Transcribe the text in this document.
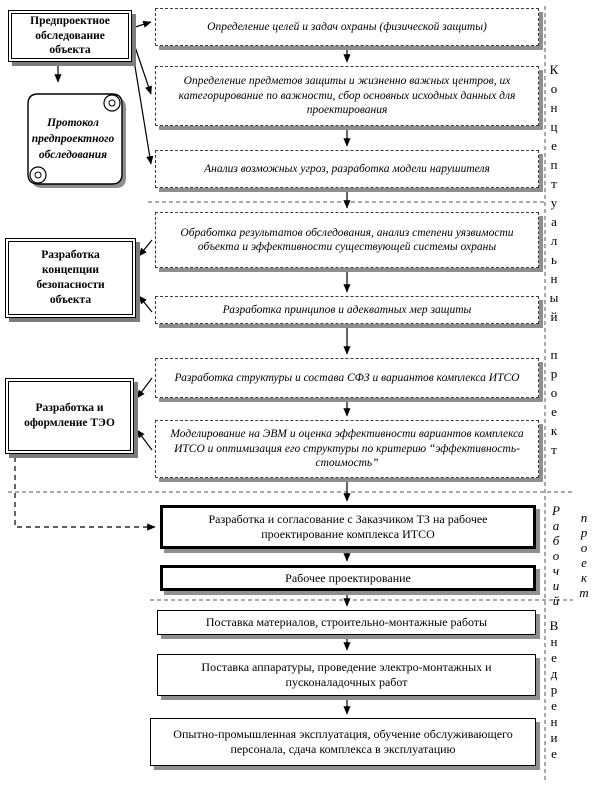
Предпроектное обследование объекта
Протокол предпроектного обследования
Разработка концепции безопасности объекта
Разработка и оформление ТЭО
Определение целей и задач охраны (физической защиты)
Определение предметов защиты и жизненно важных центров, их категорирование по важности, сбор основных исходных данных для проектирования
Анализ возможных угроз, разработка модели нарушителя
Обработка результатов обследования, анализ степени уязвимости объекта и эффективности существующей системы охраны
Разработка принципов и адекватных мер защиты
Разработка структуры и состава СФЗ и вариантов комплекса ИТСО
Моделирование на ЭВМ и оценка эффективности вариантов комплекса ИТСО и оптимизация его структуры по критерию “эффективность-стоимость”
Разработка и согласование с Заказчиком ТЗ на рабочее проектирование комплекса ИТСО
Рабочее проектирование
Поставка материалов, строительно-монтажные работы
Поставка аппаратуры, проведение электро-монтажных и пусконаладочных работ
Опытно-промышленная эксплуатация, обучение обслуживающего персонала, сдача комплекса в эксплуатацию
К
о
н
ц
е
п
т
у
а
л
ь
н
ы
й
п
р
о
е
к
т
Р
а
б
о
ч
и
й
п
р
о
е
к
т
В
н
е
д
р
е
н
и
е
